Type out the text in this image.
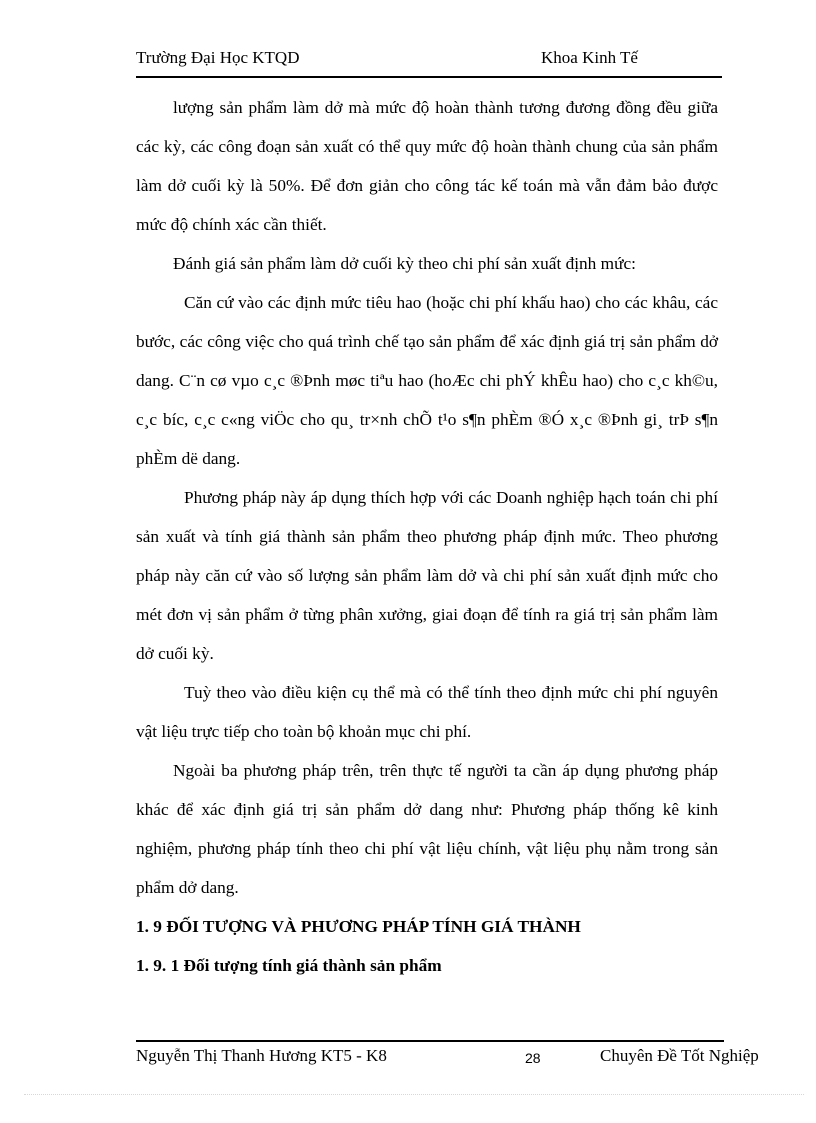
Trường Đại Học KTQD	Khoa Kinh Tế

lượng sản phẩm làm dở mà mức độ hoàn thành tương đương đồng đều giữa các kỳ, các công đoạn sản xuất có thể quy mức độ hoàn thành chung của sản phẩm làm dở cuối kỳ là 50%. Để đơn giản cho công tác kế toán mà vẫn đảm bảo được mức độ chính xác cần thiết.

Đánh giá sản phẩm làm dở cuối kỳ theo chi phí sản xuất định mức:

Căn cứ vào các định mức tiêu hao (hoặc chi phí khấu hao) cho các khâu, các bước, các công việc cho quá trình chế tạo sản phẩm để xác định giá trị sản phẩm dở dang. C¨n cø vµo c¸c ®Þnh møc tiªu hao (hoÆc chi phÝ khÊu hao) cho c¸c kh©u, c¸c bíc, c¸c c«ng viÖc cho qu¸ tr×nh chÕ t¹o s¶n phÈm ®Ó x¸c ®Þnh gi¸ trÞ s¶n phÈm dë dang.

Phương pháp này áp dụng thích hợp với các Doanh nghiệp hạch toán chi phí sản xuất và tính giá thành sản phẩm theo phương pháp định mức. Theo phương pháp này căn cứ vào số lượng sản phẩm làm dở và chi phí sản xuất định mức cho mét đơn vị sản phẩm ở từng phân xưởng, giai đoạn để tính ra giá trị sản phẩm làm dở cuối kỳ.

Tuỳ theo vào điều kiện cụ thể mà có thể tính theo định mức chi phí nguyên vật liệu trực tiếp cho toàn bộ khoản mục chi phí.

Ngoài ba phương pháp trên, trên thực tế người ta cần áp dụng phương pháp khác để xác định giá trị sản phẩm dở dang như: Phương pháp thống kê kinh nghiệm, phương pháp tính theo chi phí vật liệu chính, vật liệu phụ nằm trong sản phẩm dở dang.

1. 9 ĐỐI TƯỢNG VÀ PHƯƠNG PHÁP TÍNH GIÁ THÀNH

1. 9. 1 Đối tượng tính giá thành sản phẩm

Nguyễn Thị Thanh Hương KT5 - K8	28	Chuyên Đề Tốt Nghiệp
